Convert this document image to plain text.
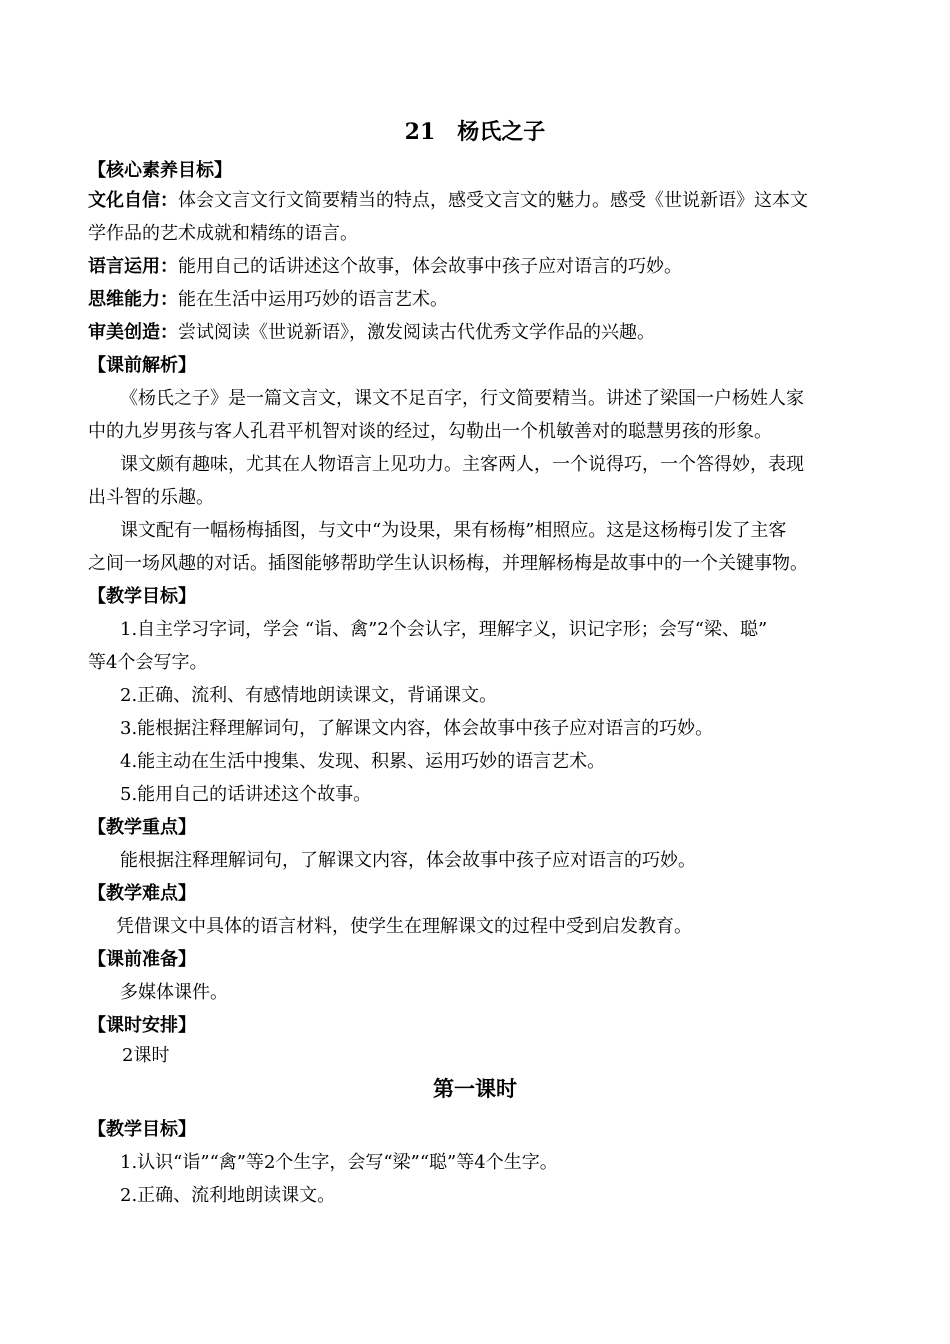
21 杨氏之子
【核心素养目标】
文化自信：体会文言文行文简要精当的特点，感受文言文的魅力。感受《世说新语》这本文
学作品的艺术成就和精练的语言。
语言运用：能用自己的话讲述这个故事，体会故事中孩子应对语言的巧妙。
思维能力：能在生活中运用巧妙的语言艺术。
审美创造：尝试阅读《世说新语》，激发阅读古代优秀文学作品的兴趣。
【课前解析】
《杨氏之子》是一篇文言文，课文不足百字，行文简要精当。讲述了梁国一户杨姓人家
中的九岁男孩与客人孔君平机智对谈的经过，勾勒出一个机敏善对的聪慧男孩的形象。
课文颇有趣味，尤其在人物语言上见功力。主客两人，一个说得巧，一个答得妙，表现
出斗智的乐趣。
课文配有一幅杨梅插图，与文中“为设果，果有杨梅”相照应。这是这杨梅引发了主客
之间一场风趣的对话。插图能够帮助学生认识杨梅，并理解杨梅是故事中的一个关键事物。
【教学目标】
1.自主学习字词，学会 “诣、禽”2个会认字，理解字义，识记字形；会写“梁、聪”
等4个会写字。
2.正确、流利、有感情地朗读课文，背诵课文。
3.能根据注释理解词句，了解课文内容，体会故事中孩子应对语言的巧妙。
4.能主动在生活中搜集、发现、积累、运用巧妙的语言艺术。
5.能用自己的话讲述这个故事。
【教学重点】
能根据注释理解词句，了解课文内容，体会故事中孩子应对语言的巧妙。
【教学难点】
凭借课文中具体的语言材料，使学生在理解课文的过程中受到启发教育。
【课前准备】
多媒体课件。
【课时安排】
2课时
第一课时
【教学目标】
1.认识“诣”“禽”等2个生字，会写“梁”“聪”等4个生字。
2.正确、流利地朗读课文。
